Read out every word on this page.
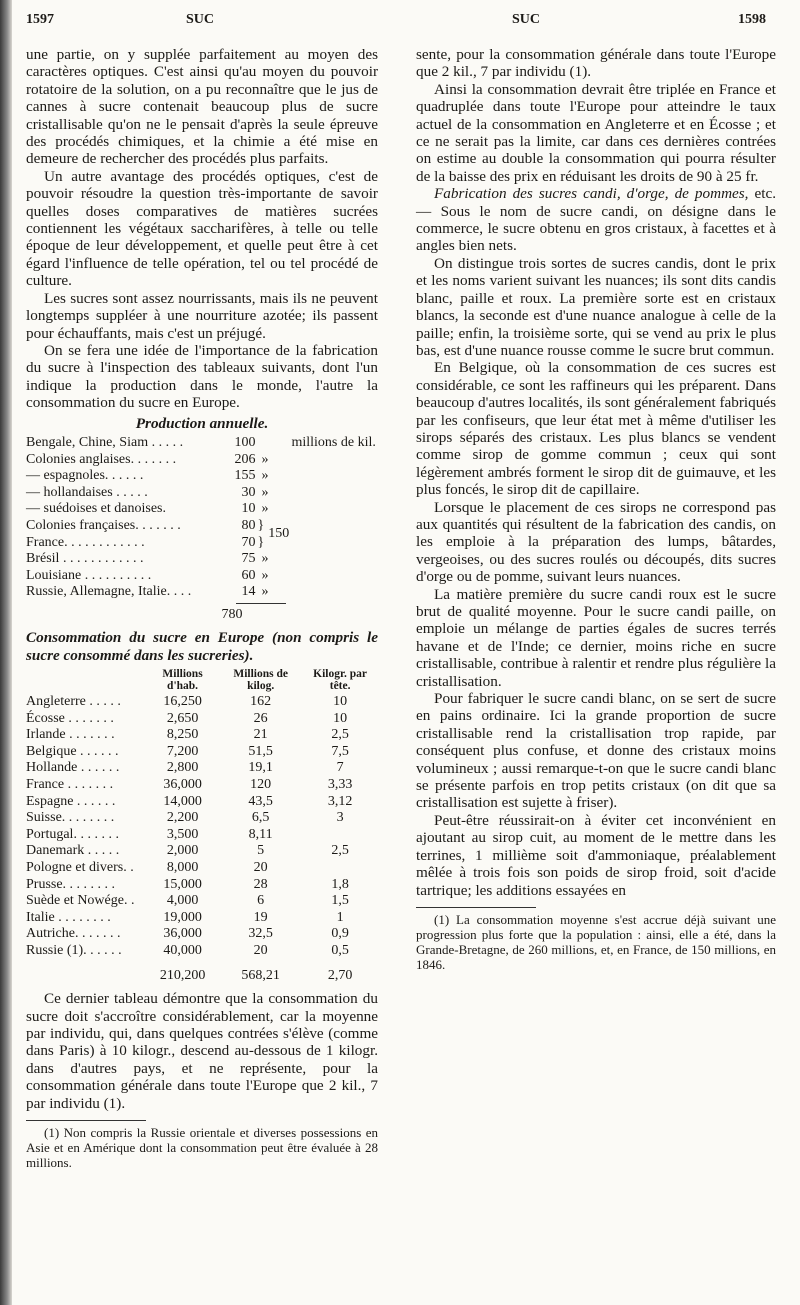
1597	SUC	SUC	1598

une partie, on y supplée parfaitement au moyen des caractères optiques. C'est ainsi qu'au moyen du pouvoir rotatoire de la solution, on a pu reconnaître que le jus de cannes à sucre contenait beaucoup plus de sucre cristallisable qu'on ne le pensait d'après la seule épreuve des procédés chimiques, et la chimie a été mise en demeure de rechercher des procédés plus parfaits.

Un autre avantage des procédés optiques, c'est de pouvoir résoudre la question très-importante de savoir quelles doses comparatives de matières sucrées contiennent les végétaux saccharifères, à telle ou telle époque de leur développement, et quelle peut être à cet égard l'influence de telle opération, tel ou tel procédé de culture.

Les sucres sont assez nourrissants, mais ils ne peuvent longtemps suppléer à une nourriture azotée; ils passent pour échauffants, mais c'est un préjugé.

On se fera une idée de l'importance de la fabrication du sucre à l'inspection des tableaux suivants, dont l'un indique la production dans le monde, l'autre la consommation du sucre en Europe.

Production annuelle.
Bengale, Chine, Siam . . . . .	100	millions de kil.
Colonies anglaises. . . . . . .	206	»
— espagnoles. . . . . .	155	»
— hollandaises . . . . .	30	»
— suédoises et danoises.	10	»
Colonies françaises. . . . . . .	80	}150
France. . . . . . . . . . . .	70	}
Brésil . . . . . . . . . . . .	75	»
Louisiane . . . . . . . . . .	60	»
Russie, Allemagne, Italie. . . .	14	»
780
Consommation du sucre en Europe (non compris le sucre consommé dans les sucreries).
	Millions d'hab.	Millions de kilog.	Kilogr. par tête.
Angleterre . . . . .	16,250	162	10
Écosse . . . . . . .	2,650	26	10
Irlande . . . . . . .	8,250	21	2,5
Belgique . . . . . .	7,200	51,5	7,5
Hollande . . . . . .	2,800	19,1	7
France . . . . . . .	36,000	120	3,33
Espagne . . . . . .	14,000	43,5	3,12
Suisse. . . . . . . .	2,200	6,5	3
Portugal. . . . . . .	3,500	8,11	
Danemark . . . . .	2,000	5	2,5
Pologne et divers. .	8,000	20	
Prusse. . . . . . . .	15,000	28	1,8
Suède et Nowége. .	4,000	6	1,5
Italie . . . . . . . .	19,000	19	1
Autriche. . . . . . .	36,000	32,5	0,9
Russie (1). . . . . .	40,000	20	0,5
	210,200	568,21	2,70

Ce dernier tableau démontre que la consommation du sucre doit s'accroître considérablement, car la moyenne par individu, qui, dans quelques contrées s'élève (comme dans Paris) à 10 kilogr., descend au-dessous de 1 kilogr. dans d'autres pays, et ne représente, pour la consommation générale dans toute l'Europe que 2 kil., 7 par individu (1).

(1) Non compris la Russie orientale et diverses possessions en Asie et en Amérique dont la consommation peut être évaluée à 28 millions.

sente, pour la consommation générale dans toute l'Europe que 2 kil., 7 par individu (1).

Ainsi la consommation devrait être triplée en France et quadruplée dans toute l'Europe pour atteindre le taux actuel de la consommation en Angleterre et en Écosse ; et ce ne serait pas la limite, car dans ces dernières contrées on estime au double la consommation qui pourra résulter de la baisse des prix en réduisant les droits de 90 à 25 fr.

Fabrication des sucres candi, d'orge, de pommes, etc. — Sous le nom de sucre candi, on désigne dans le commerce, le sucre obtenu en gros cristaux, à facettes et à angles bien nets.

On distingue trois sortes de sucres candis, dont le prix et les noms varient suivant les nuances; ils sont dits candis blanc, paille et roux. La première sorte est en cristaux blancs, la seconde est d'une nuance analogue à celle de la paille; enfin, la troisième sorte, qui se vend au prix le plus bas, est d'une nuance rousse comme le sucre brut commun.

En Belgique, où la consommation de ces sucres est considérable, ce sont les raffineurs qui les préparent. Dans beaucoup d'autres localités, ils sont généralement fabriqués par les confiseurs, que leur état met à même d'utiliser les sirops séparés des cristaux. Les plus blancs se vendent comme sirop de gomme commun ; ceux qui sont légèrement ambrés forment le sirop dit de guimauve, et les plus foncés, le sirop dit de capillaire.

Lorsque le placement de ces sirops ne correspond pas aux quantités qui résultent de la fabrication des candis, on les emploie à la préparation des lumps, bâtardes, vergeoises, ou des sucres roulés ou découpés, dits sucres d'orge ou de pomme, suivant leurs nuances.

La matière première du sucre candi roux est le sucre brut de qualité moyenne. Pour le sucre candi paille, on emploie un mélange de parties égales de sucres terrés havane et de l'Inde; ce dernier, moins riche en sucre cristallisable, contribue à ralentir et rendre plus régulière la cristallisation.

Pour fabriquer le sucre candi blanc, on se sert de sucre en pains ordinaire. Ici la grande proportion de sucre cristallisable rend la cristallisation trop rapide, par conséquent plus confuse, et donne des cristaux moins volumineux ; aussi remarque-t-on que le sucre candi blanc se présente parfois en trop petits cristaux (on dit que sa cristallisation est sujette à friser).

Peut-être réussirait-on à éviter cet inconvénient en ajoutant au sirop cuit, au moment de le mettre dans les terrines, 1 millième soit d'ammoniaque, préalablement mêlée à trois fois son poids de sirop froid, soit d'acide tartrique; les additions essayées en

(1) La consommation moyenne s'est accrue déjà suivant une progression plus forte que la population : ainsi, elle a été, dans la Grande-Bretagne, de 260 millions, et, en France, de 150 millions, en 1846.
